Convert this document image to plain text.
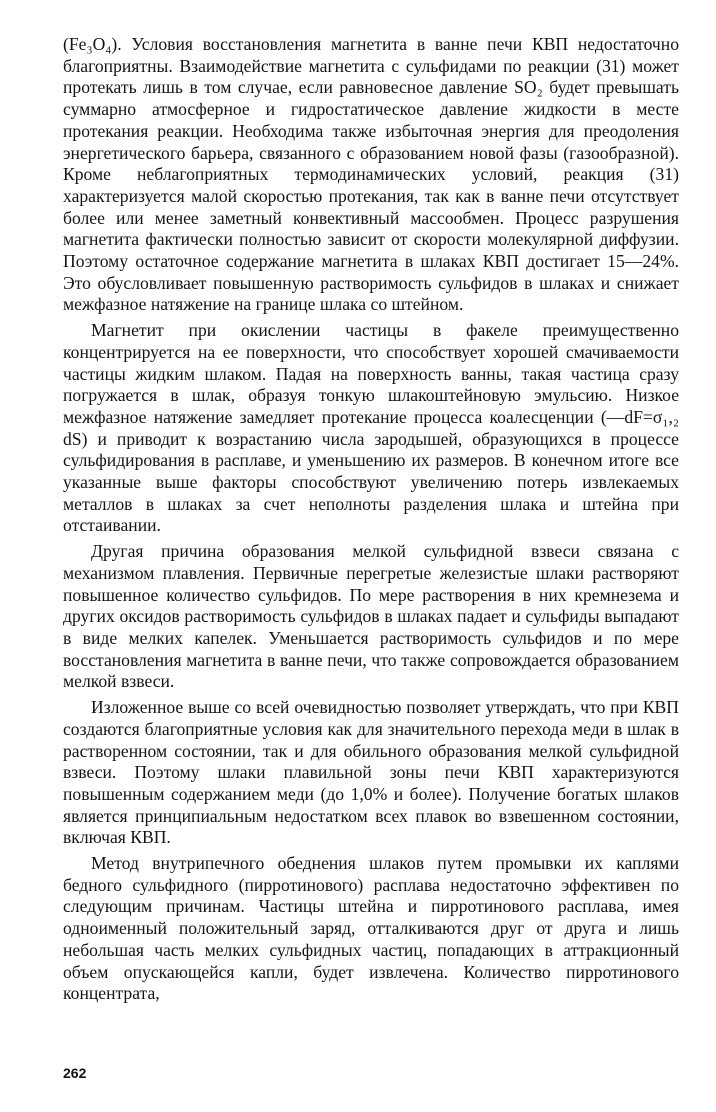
(Fe₃O₄). Условия восстановления магнетита в ванне печи КВП недостаточно благоприятны. Взаимодействие магнетита с сульфидами по реакции (31) может протекать лишь в том случае, если равновесное давление SO₂ будет превышать суммарно атмосферное и гидростатическое давление жидкости в месте протекания реакции. Необходима также избыточная энергия для преодоления энергетического барьера, связанного с образованием новой фазы (газообразной). Кроме неблагоприятных термодинамических условий, реакция (31) характеризуется малой скоростью протекания, так как в ванне печи отсутствует более или менее заметный конвективный массообмен. Процесс разрушения магнетита фактически полностью зависит от скорости молекулярной диффузии. Поэтому остаточное содержание магнетита в шлаках КВП достигает 15—24%. Это обусловливает повышенную растворимость сульфидов в шлаках и снижает межфазное натяжение на границе шлака со штейном.

Магнетит при окислении частицы в факеле преимущественно концентрируется на ее поверхности, что способствует хорошей смачиваемости частицы жидким шлаком. Падая на поверхность ванны, такая частица сразу погружается в шлак, образуя тонкую шлакоштейновую эмульсию. Низкое межфазное натяжение замедляет протекание процесса коалесценции (—dF=σ₁,₂ dS) и приводит к возрастанию числа зародышей, образующихся в процессе сульфидирования в расплаве, и уменьшению их размеров. В конечном итоге все указанные выше факторы способствуют увеличению потерь извлекаемых металлов в шлаках за счет неполноты разделения шлака и штейна при отстаивании.

Другая причина образования мелкой сульфидной взвеси связана с механизмом плавления. Первичные перегретые железистые шлаки растворяют повышенное количество сульфидов. По мере растворения в них кремнезема и других оксидов растворимость сульфидов в шлаках падает и сульфиды выпадают в виде мелких капелек. Уменьшается растворимость сульфидов и по мере восстановления магнетита в ванне печи, что также сопровождается образованием мелкой взвеси.

Изложенное выше со всей очевидностью позволяет утверждать, что при КВП создаются благоприятные условия как для значительного перехода меди в шлак в растворенном состоянии, так и для обильного образования мелкой сульфидной взвеси. Поэтому шлаки плавильной зоны печи КВП характеризуются повышенным содержанием меди (до 1,0% и более). Получение богатых шлаков является принципиальным недостатком всех плавок во взвешенном состоянии, включая КВП.

Метод внутрипечного обеднения шлаков путем промывки их каплями бедного сульфидного (пирротинового) расплава недостаточно эффективен по следующим причинам. Частицы штейна и пирротинового расплава, имея одноименный положительный заряд, отталкиваются друг от друга и лишь небольшая часть мелких сульфидных частиц, попадающих в аттракционный объем опускающейся капли, будет извлечена. Количество пирротинового концентрата,

262
